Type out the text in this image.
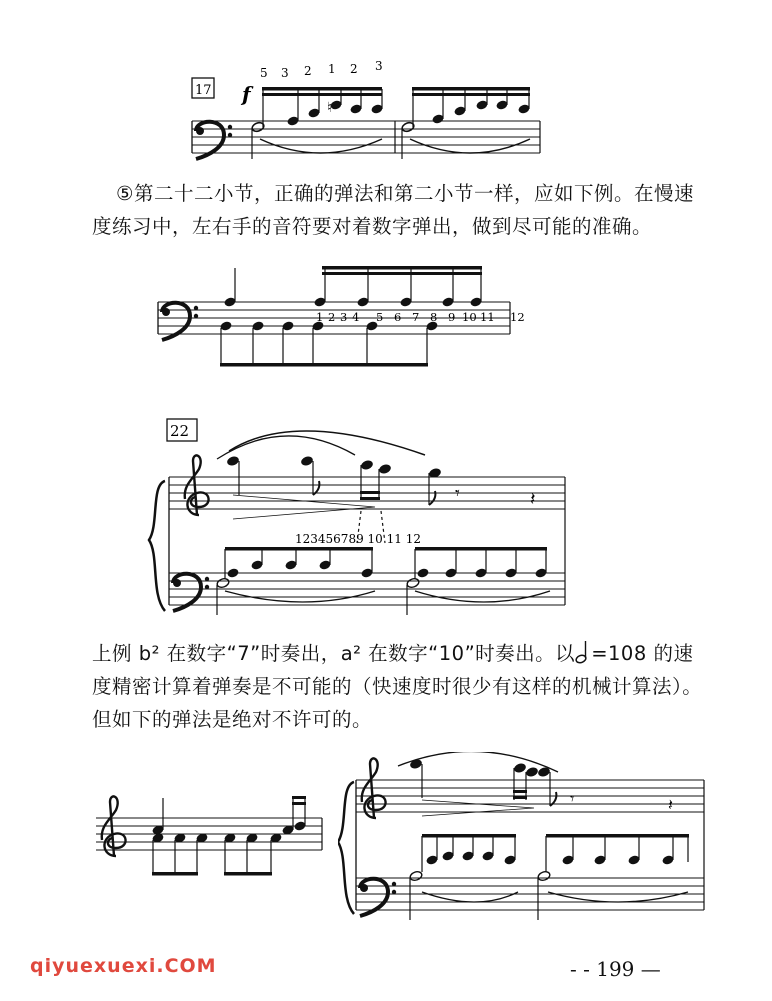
17 f
5 3 2 1 2 3
♮

⑤第二十二小节，正确的弹法和第二小节一样，应如下例。在慢速度练习中，左右手的音符要对着数字弹出，做到尽可能的准确。

1 2 3 4 5 6 7 8 9 10 11 12
22
𝄾	𝄽
123456789 10 11 12
上例 b² 在数字“7”时奏出，a² 在数字“10”时奏出。以 =108 的速度精密计算着弹奏是不可能的（快速度时很少有这样的机械计算法）。但如下的弹法是绝对不许可的。
𝄾	𝄽
qiyuexuexi.COM	- - 199 —
